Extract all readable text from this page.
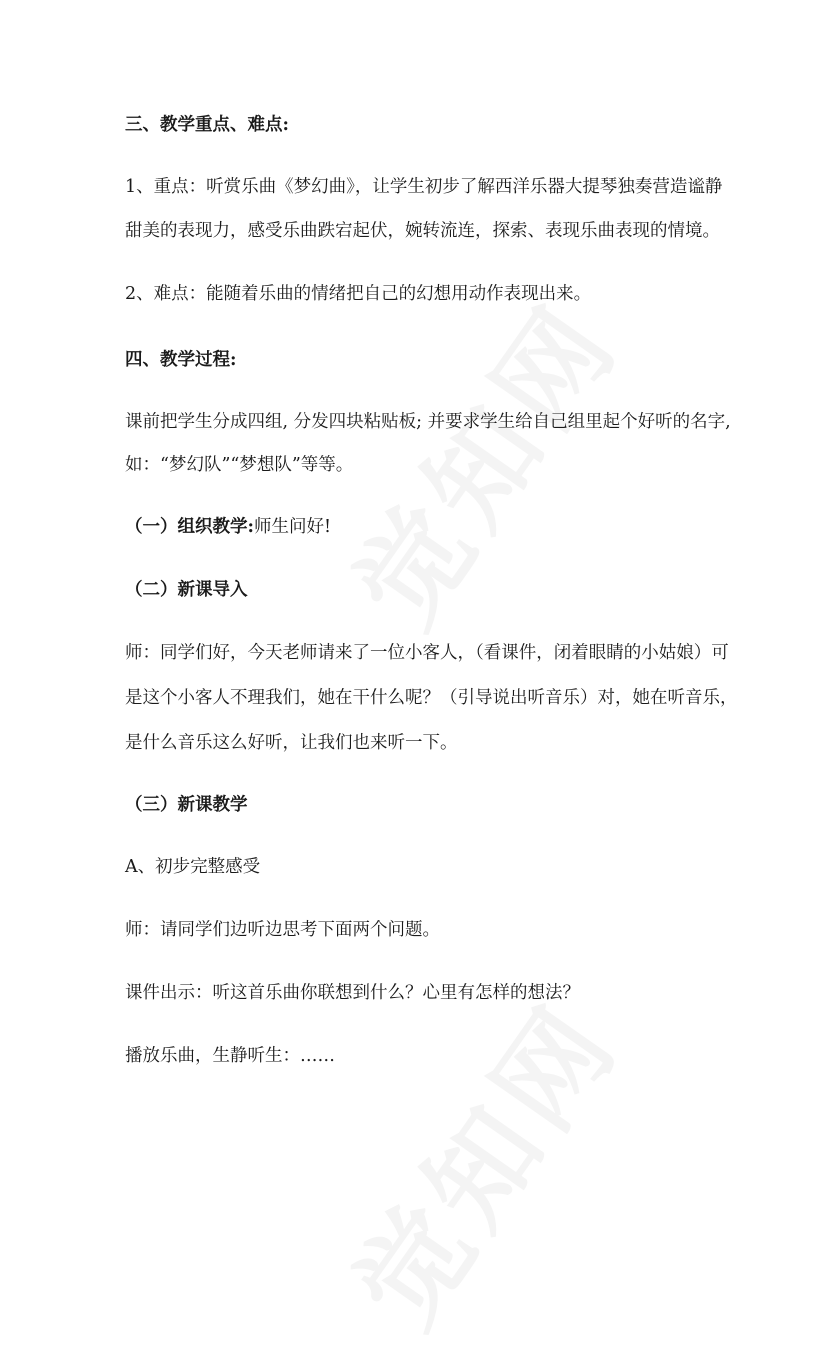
三、教学重点、难点:
1、重点：听赏乐曲《梦幻曲》，让学生初步了解西洋乐器大提琴独奏营造谧静
甜美的表现力，感受乐曲跌宕起伏，婉转流连，探索、表现乐曲表现的情境。
2、难点：能随着乐曲的情绪把自己的幻想用动作表现出来。
四、教学过程:
课前把学生分成四组, 分发四块粘贴板; 并要求学生给自己组里起个好听的名字,
如：“梦幻队”“梦想队”等等。
（一）组织教学:师生问好!
（二）新课导入
师：同学们好，今天老师请来了一位小客人，（看课件，闭着眼睛的小姑娘）可
是这个小客人不理我们，她在干什么呢？（引导说出听音乐）对，她在听音乐，
是什么音乐这么好听，让我们也来听一下。
（三）新课教学
A、初步完整感受
师：请同学们边听边思考下面两个问题。
课件出示：听这首乐曲你联想到什么？心里有怎样的想法？
播放乐曲，生静听生：……
